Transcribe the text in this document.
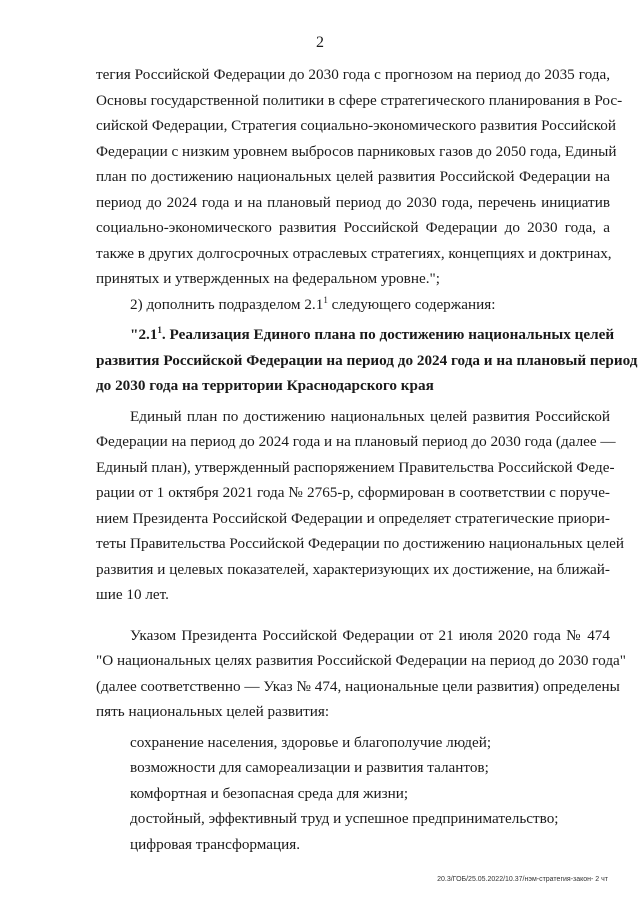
2

тегия Российской Федерации до 2030 года с прогнозом на период до 2035 года,

Основы государственной политики в сфере стратегического планирования в Рос-

сийской Федерации, Стратегия социально-экономического развития Российской

Федерации с низким уровнем выбросов парниковых газов до 2050 года, Единый

план по достижению национальных целей развития Российской Федерации на

период до 2024 года и на плановый период до 2030 года, перечень инициатив

социально-экономического развития Российской Федерации до 2030 года, а

также в других долгосрочных отраслевых стратегиях, концепциях и доктринах,

принятых и утвержденных на федеральном уровне.";

2) дополнить подразделом $2.1^1$ следующего содержания:

"$2.1^1$. Реализация Единого плана по достижению национальных целей

развития Российской Федерации на период до 2024 года и на плановый период

до 2030 года на территории Краснодарского края

Единый план по достижению национальных целей развития Российской

Федерации на период до 2024 года и на плановый период до 2030 года (далее —

Единый план), утвержденный распоряжением Правительства Российской Феде-

рации от 1 октября 2021 года № 2765-р, сформирован в соответствии с поруче-

нием Президента Российской Федерации и определяет стратегические приори-

теты Правительства Российской Федерации по достижению национальных целей

развития и целевых показателей, характеризующих их достижение, на ближай-

шие 10 лет.

Указом Президента Российской Федерации от 21 июля 2020 года № 474

"О национальных целях развития Российской Федерации на период до 2030 года"

(далее соответственно — Указ № 474, национальные цели развития) определены

пять национальных целей развития:

сохранение населения, здоровье и благополучие людей;

возможности для самореализации и развития талантов;

комфортная и безопасная среда для жизни;

достойный, эффективный труд и успешное предпринимательство;

цифровая трансформация.

20.3/ГОБ/25.05.2022/10.37/нэм-стратегия-закон- 2 чт
